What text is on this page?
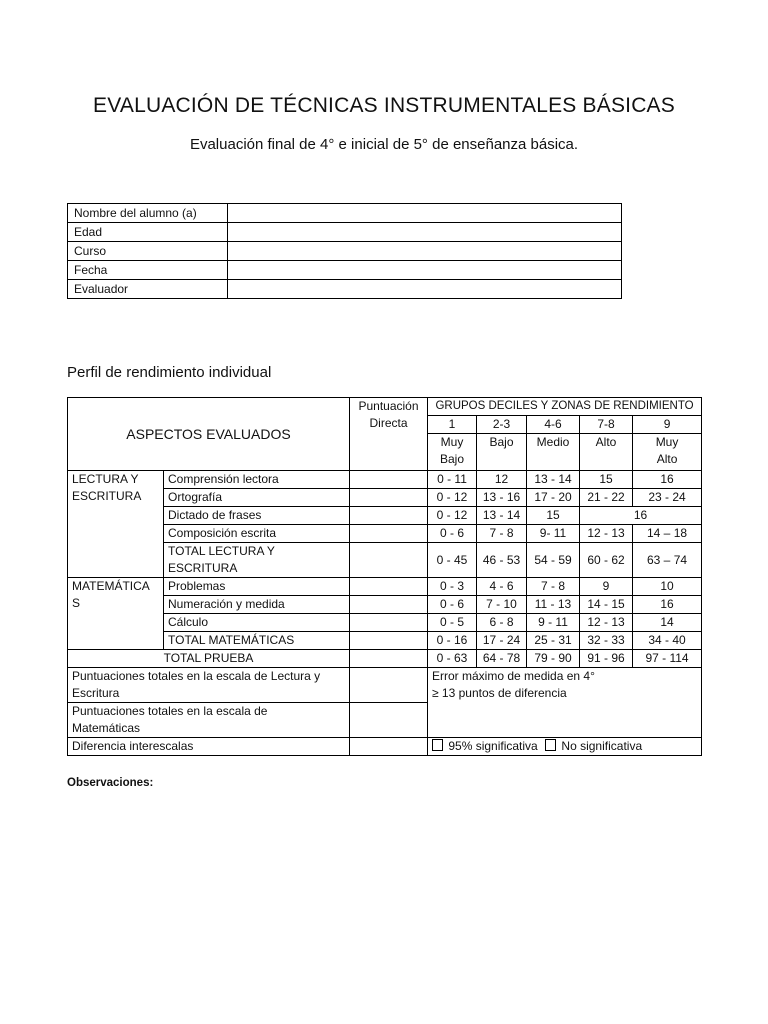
EVALUACIÓN DE TÉCNICAS INSTRUMENTALES BÁSICAS

Evaluación final de 4° e inicial de 5° de enseñanza básica.

Nombre del alumno (a)	
Edad	
Curso	
Fecha	
Evaluador	
Perfil de rendimiento individual
ASPECTOS EVALUADOS		Puntuación
Directa	GRUPOS DECILES Y ZONAS DE RENDIMIENTO				
			1	2-3	4-6	7-8	9
			Muy
Bajo	Bajo	Medio	Alto	Muy
Alto
LECTURA Y
ESCRITURA	Comprensión lectora		0 - 11	12	13 - 14	15	16
	Ortografía		0 - 12	13 - 16	17 - 20	21 - 22	23 - 24
	Dictado de frases		0 - 12	13 - 14	15	16	
	Composición escrita		0 - 6	7 - 8	9- 11	12 - 13	14 – 18
	TOTAL LECTURA Y ESCRITURA		0 - 45	46 - 53	54 - 59	60 - 62	63 – 74
MATEMÁTICA
S	Problemas		0 - 3	4 - 6	7 - 8	9	10
	Numeración y medida		0 - 6	7 - 10	11 - 13	14 - 15	16
	Cálculo		0 - 5	6 - 8	9 - 11	12 - 13	14
	TOTAL MATEMÁTICAS		0 - 16	17 - 24	25 - 31	32 - 33	34 - 40
TOTAL PRUEBA			0 - 63	64 - 78	79 - 90	91 - 96	97 - 114
Puntuaciones totales en la escala de Lectura y
Escritura			Error máximo de medida en 4°
≥ 13 puntos de diferencia				
Puntuaciones totales en la escala de
Matemáticas							
Diferencia interescalas			95% significativa No significativa				

Observaciones:
